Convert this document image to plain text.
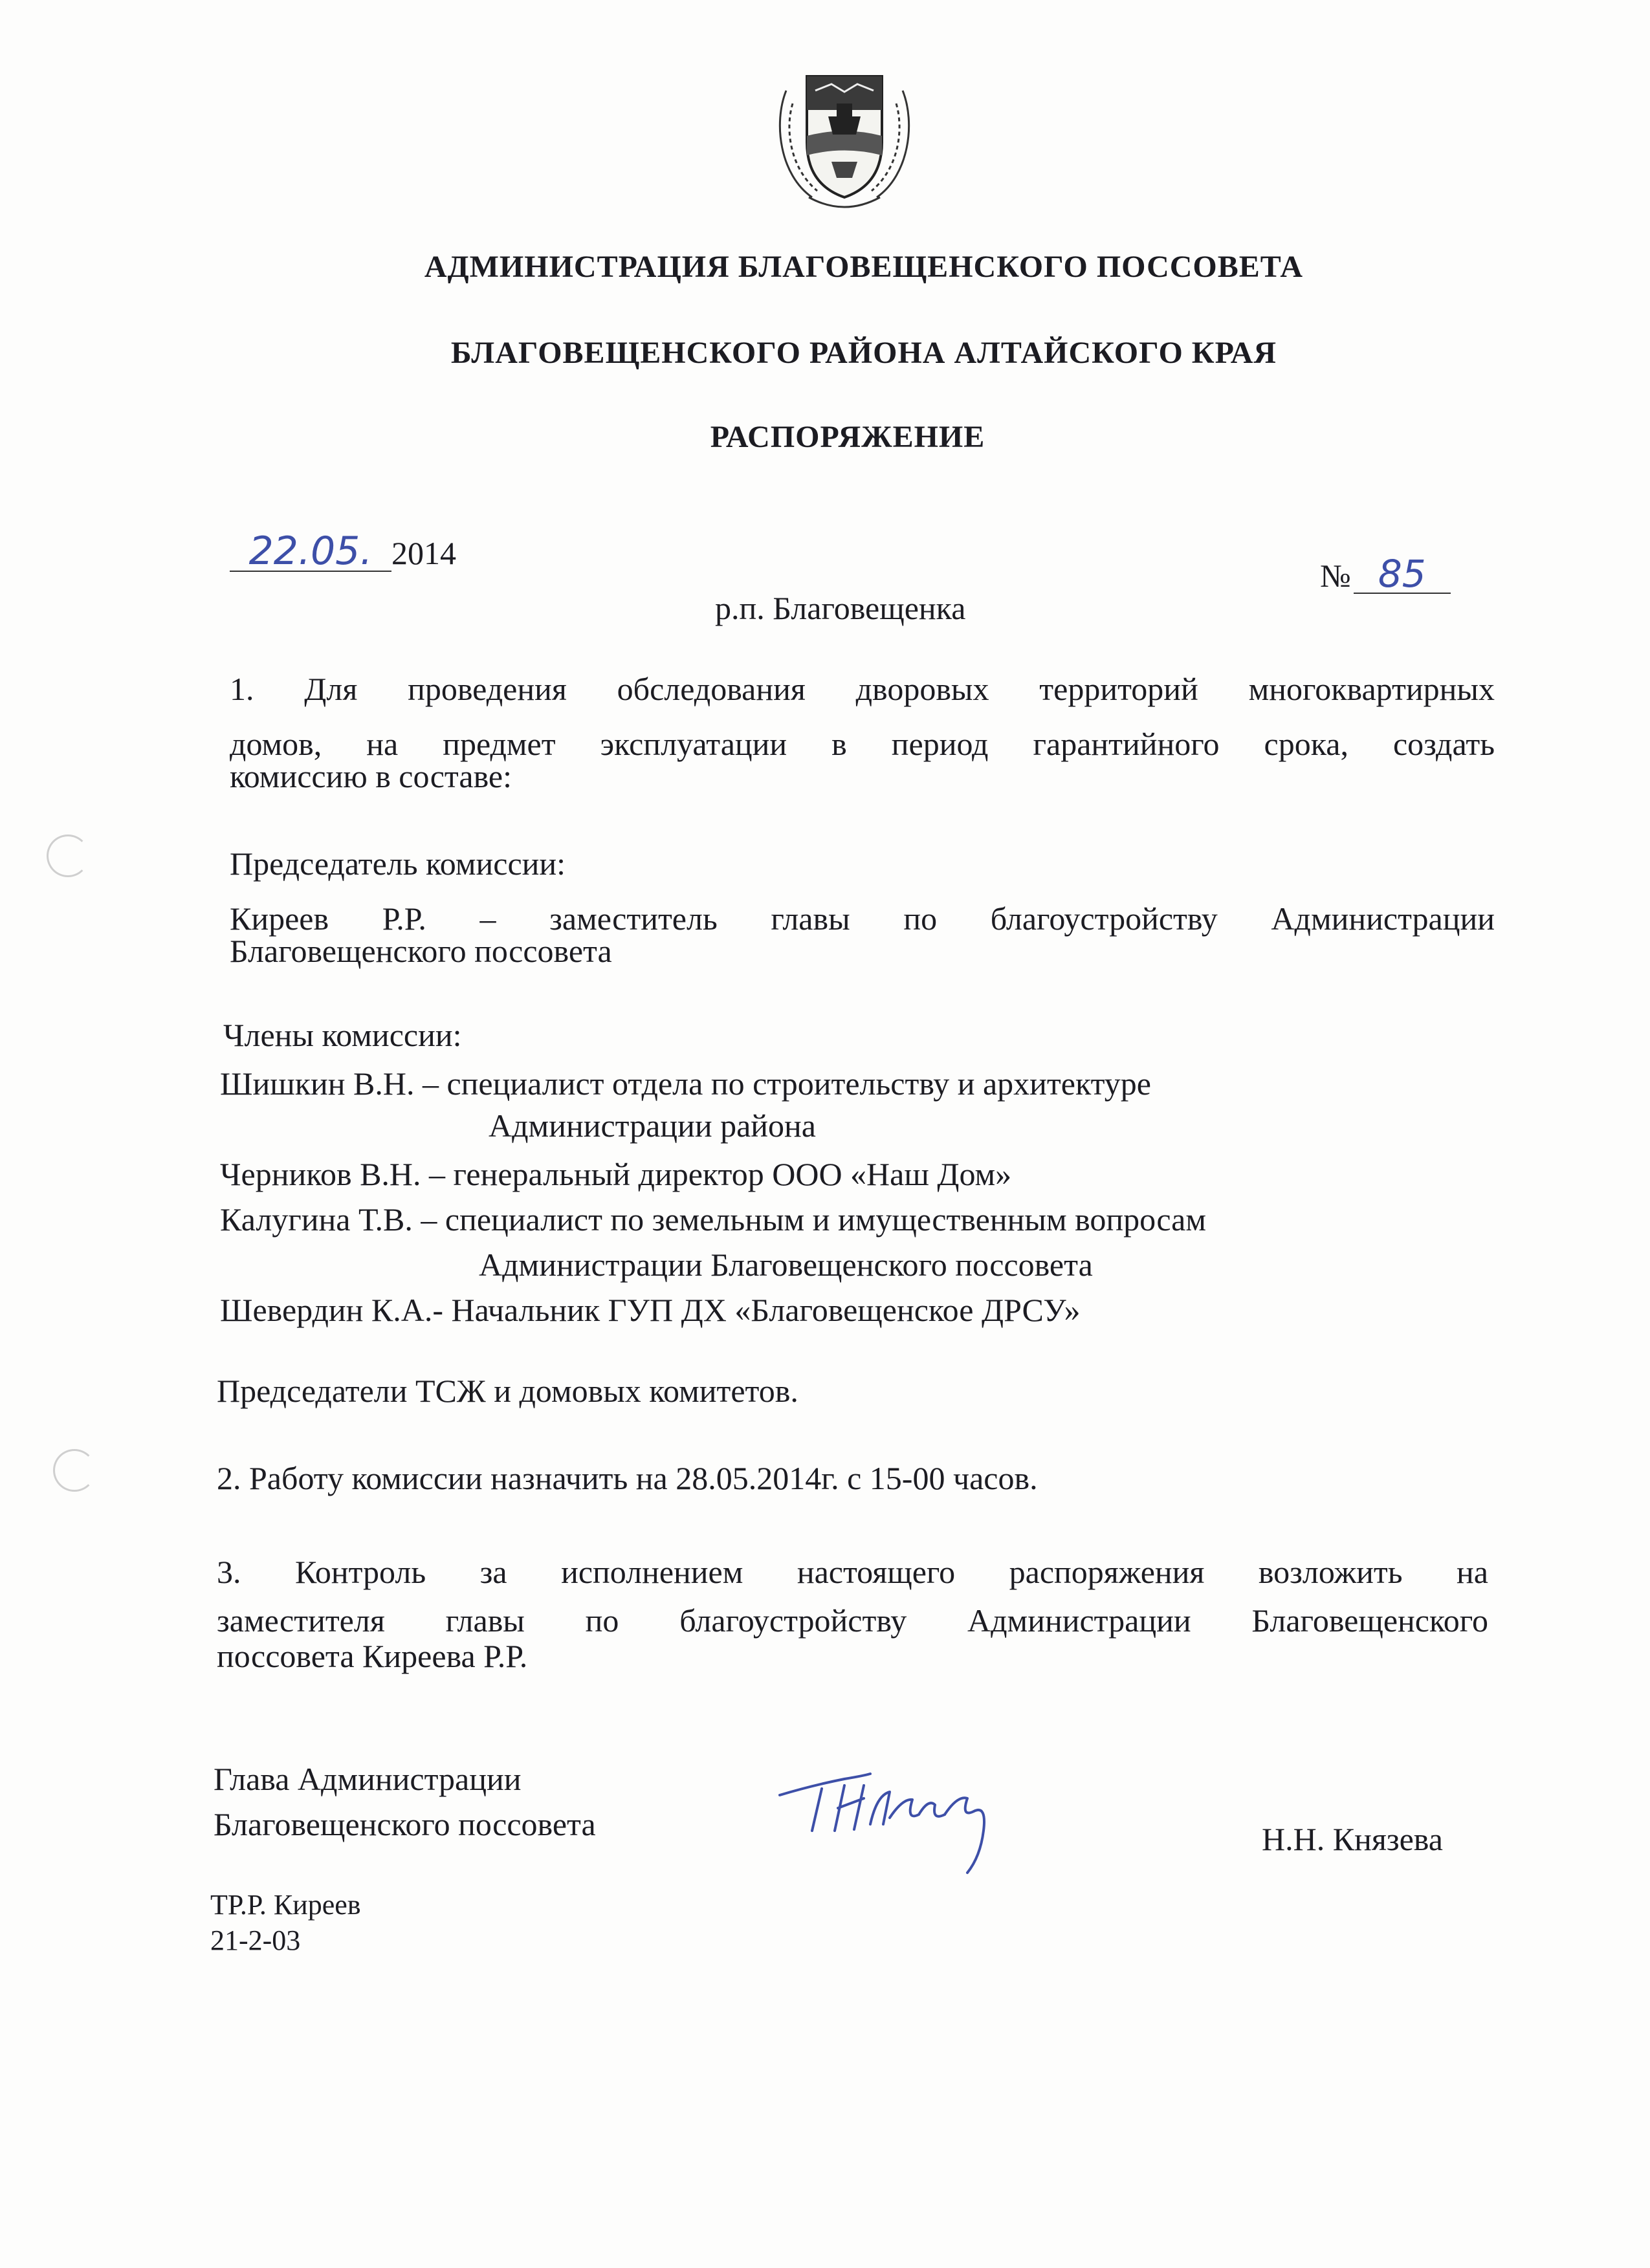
АДМИНИСТРАЦИЯ БЛАГОВЕЩЕНСКОГО ПОССОВЕТА
БЛАГОВЕЩЕНСКОГО РАЙОНА АЛТАЙСКОГО КРАЯ
РАСПОРЯЖЕНИЕ
22.05. 2014
№ 85
р.п. Благовещенка
1. Для проведения обследования дворовых территорий многоквартирных
домов, на предмет эксплуатации в период гарантийного срока, создать
комиссию в составе:
Председатель комиссии:
Киреев Р.Р. – заместитель главы по благоустройству Администрации
Благовещенского поссовета
Члены комиссии:
Шишкин В.Н. – специалист отдела по строительству и архитектуре
Администрации района
Черников В.Н. – генеральный директор ООО «Наш Дом»
Калугина Т.В. – специалист по земельным и имущественным вопросам
Администрации Благовещенского поссовета
Шевердин К.А.- Начальник ГУП ДХ «Благовещенское ДРСУ»
Председатели ТСЖ и домовых комитетов.
2. Работу комиссии назначить на 28.05.2014г. с 15-00 часов.
3. Контроль за исполнением настоящего распоряжения возложить на
заместителя главы по благоустройству Администрации Благовещенского
поссовета Киреева Р.Р.
Глава Администрации
Благовещенского поссовета	Н.Н. Князева
ТР.Р. Киреев
21-2-03
